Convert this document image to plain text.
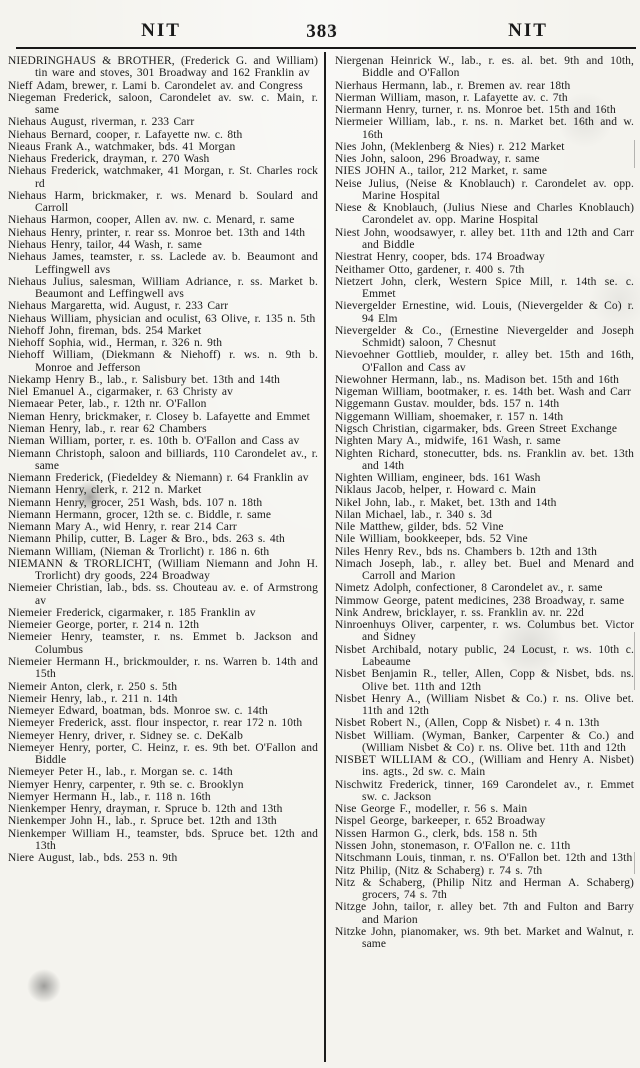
NIT	383	NIT

NIEDRINGHAUS & BROTHER, (Frederick G. and William) tin ware and stoves, 301 Broadway and 162 Franklin av

Nieff Adam, brewer, r. Lami b. Carondelet av. and Congress

Niegeman Frederick, saloon, Carondelet av. sw. c. Main, r. same

Niehaus August, riverman, r. 233 Carr

Niehaus Bernard, cooper, r. Lafayette nw. c. 8th

Nieaus Frank A., watchmaker, bds. 41 Morgan

Niehaus Frederick, drayman, r. 270 Wash

Niehaus Frederick, watchmaker, 41 Morgan, r. St. Charles rock rd

Niehaus Harm, brickmaker, r. ws. Menard b. Soulard and Carroll

Niehaus Harmon, cooper, Allen av. nw. c. Menard, r. same

Niehaus Henry, printer, r. rear ss. Monroe bet. 13th and 14th

Niehaus Henry, tailor, 44 Wash, r. same

Niehaus James, teamster, r. ss. Laclede av. b. Beaumont and Leffingwell avs

Niehaus Julius, salesman, William Adriance, r. ss. Market b. Beaumont and Leffingwell avs

Niehaus Margaretta, wid. August, r. 233 Carr

Niehaus William, physician and oculist, 63 Olive, r. 135 n. 5th

Niehoff John, fireman, bds. 254 Market

Niehoff Sophia, wid., Herman, r. 326 n. 9th

Niehoff William, (Diekmann & Niehoff) r. ws. n. 9th b. Monroe and Jefferson

Niekamp Henry B., lab., r. Salisbury bet. 13th and 14th

Niel Emanuel A., cigarmaker, r. 63 Christy av

Niemaear Peter, lab., r. 12th nr. O'Fallon

Nieman Henry, brickmaker, r. Closey b. Lafayette and Emmet

Nieman Henry, lab., r. rear 62 Chambers

Nieman William, porter, r. es. 10th b. O'Fallon and Cass av

Niemann Christoph, saloon and billiards, 110 Carondelet av., r. same

Niemann Frederick, (Fiedeldey & Niemann) r. 64 Franklin av

Niemann Henry, clerk, r. 212 n. Market

Niemann Henry, grocer, 251 Wash, bds. 107 n. 18th

Niemann Hermann, grocer, 12th se. c. Biddle, r. same

Niemann Mary A., wid Henry, r. rear 214 Carr

Niemann Philip, cutter, B. Lager & Bro., bds. 263 s. 4th

Niemann William, (Nieman & Trorlicht) r. 186 n. 6th

NIEMANN & TRORLICHT, (William Niemann and John H. Trorlicht) dry goods, 224 Broadway

Niemeier Christian, lab., bds. ss. Chouteau av. e. of Armstrong av

Niemeier Frederick, cigarmaker, r. 185 Franklin av

Niemeier George, porter, r. 214 n. 12th

Niemeier Henry, teamster, r. ns. Emmet b. Jackson and Columbus

Niemeier Hermann H., brickmoulder, r. ns. Warren b. 14th and 15th

Niemeir Anton, clerk, r. 250 s. 5th

Niemeir Henry, lab., r. 211 n. 14th

Niemeyer Edward, boatman, bds. Monroe sw. c. 14th

Niemeyer Frederick, asst. flour inspector, r. rear 172 n. 10th

Niemeyer Henry, driver, r. Sidney se. c. DeKalb

Niemeyer Henry, porter, C. Heinz, r. es. 9th bet. O'Fallon and Biddle

Niemeyer Peter H., lab., r. Morgan se. c. 14th

Niemyer Henry, carpenter, r. 9th se. c. Brooklyn

Niemyer Hermann H., lab., r. 118 n. 16th

Nienkemper Henry, drayman, r. Spruce b. 12th and 13th

Nienkemper John H., lab., r. Spruce bet. 12th and 13th

Nienkemper William H., teamster, bds. Spruce bet. 12th and 13th

Niere August, lab., bds. 253 n. 9th

Niergenan Heinrick W., lab., r. es. al. bet. 9th and 10th, Biddle and O'Fallon

Nierhaus Hermann, lab., r. Bremen av. rear 18th

Nierman William, mason, r. Lafayette av. c. 7th

Niermann Henry, turner, r. ns. Monroe bet. 15th and 16th

Niermeier William, lab., r. ns. n. Market bet. 16th and w. 16th

Nies John, (Meklenberg & Nies) r. 212 Market

Nies John, saloon, 296 Broadway, r. same

NIES JOHN A., tailor, 212 Market, r. same

Neise Julius, (Neise & Knoblauch) r. Carondelet av. opp. Marine Hospital

Niese & Knoblauch, (Julius Niese and Charles Knoblauch) Carondelet av. opp. Marine Hospital

Niest John, woodsawyer, r. alley bet. 11th and 12th and Carr and Biddle

Niestrat Henry, cooper, bds. 174 Broadway

Neithamer Otto, gardener, r. 400 s. 7th

Nietzert John, clerk, Western Spice Mill, r. 14th se. c. Emmet

Nievergelder Ernestine, wid. Louis, (Nievergelder & Co) r. 94 Elm

Nievergelder & Co., (Ernestine Nievergelder and Joseph Schmidt) saloon, 7 Chesnut

Nievoehner Gottlieb, moulder, r. alley bet. 15th and 16th, O'Fallon and Cass av

Niewohner Hermann, lab., ns. Madison bet. 15th and 16th

Nigeman William, bootmaker, r. es. 14th bet. Wash and Carr

Niggemann Gustav. moulder, bds. 157 n. 14th

Niggemann William, shoemaker, r. 157 n. 14th

Nigsch Christian, cigarmaker, bds. Green Street Exchange

Nighten Mary A., midwife, 161 Wash, r. same

Nighten Richard, stonecutter, bds. ns. Franklin av. bet. 13th and 14th

Nighten William, engineer, bds. 161 Wash

Niklaus Jacob, helper, r. Howard c. Main

Nikel John, lab., r. Maket, bet. 13th and 14th

Nilan Michael, lab., r. 340 s. 3d

Nile Matthew, gilder, bds. 52 Vine

Nile William, bookkeeper, bds. 52 Vine

Niles Henry Rev., bds ns. Chambers b. 12th and 13th

Nimach Joseph, lab., r. alley bet. Buel and Menard and Carroll and Marion

Nimetz Adolph, confectioner, 8 Carondelet av., r. same

Nimmow George, patent medicines, 238 Broadway, r. same

Nink Andrew, bricklayer, r. ss. Franklin av. nr. 22d

Ninroenhuys Oliver, carpenter, r. ws. Columbus bet. Victor and Sidney

Nisbet Archibald, notary public, 24 Locust, r. ws. 10th c. Labeaume

Nisbet Benjamin R., teller, Allen, Copp & Nisbet, bds. ns. Olive bet. 11th and 12th

Nisbet Henry A., (William Nisbet & Co.) r. ns. Olive bet. 11th and 12th

Nisbet Robert N., (Allen, Copp & Nisbet) r. 4 n. 13th

Nisbet William. (Wyman, Banker, Carpenter & Co.) and (William Nisbet & Co) r. ns. Olive bet. 11th and 12th

NISBET WILLIAM & CO., (William and Henry A. Nisbet) ins. agts., 2d sw. c. Main

Nischwitz Frederick, tinner, 169 Carondelet av., r. Emmet sw. c. Jackson

Nise George F., modeller, r. 56 s. Main

Nispel George, barkeeper, r. 652 Broadway

Nissen Harmon G., clerk, bds. 158 n. 5th

Nissen John, stonemason, r. O'Fallon ne. c. 11th

Nitschmann Louis, tinman, r. ns. O'Fallon bet. 12th and 13th

Nitz Philip, (Nitz & Schaberg) r. 74 s. 7th

Nitz & Schaberg, (Philip Nitz and Herman A. Schaberg) grocers, 74 s. 7th

Nitzge John, tailor, r. alley bet. 7th and Fulton and Barry and Marion

Nitzke John, pianomaker, ws. 9th bet. Market and Walnut, r. same
